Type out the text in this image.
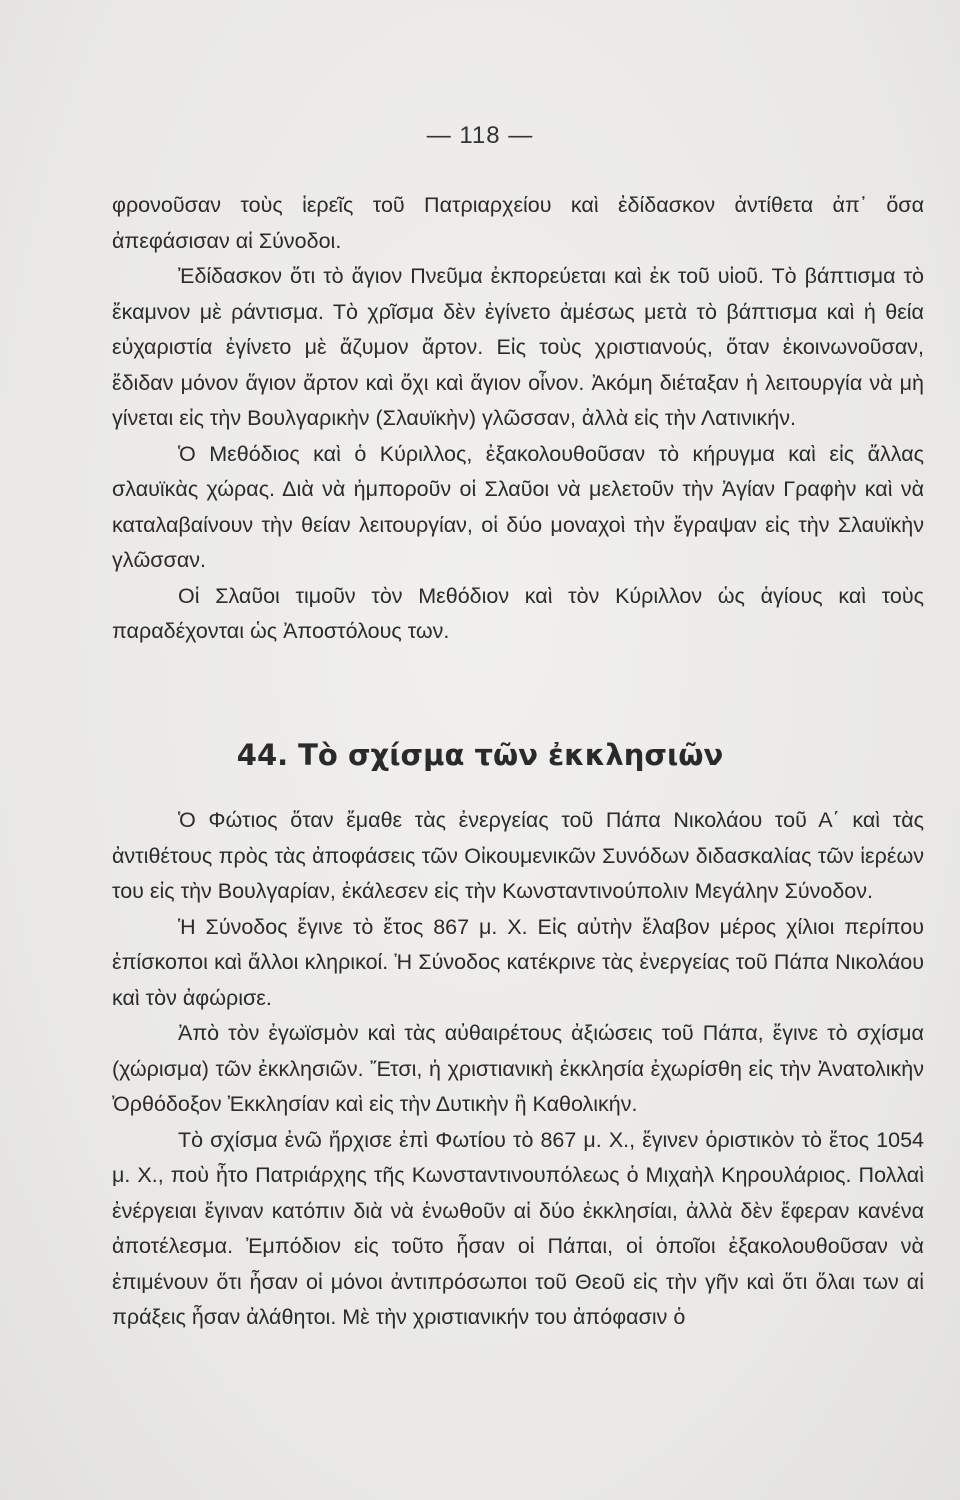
— 118 —

φρονοῦσαν τοὺς ἱερεῖς τοῦ Πατριαρχείου καὶ ἐδίδασκον ἀντίθετα ἀπ᾽ ὅσα ἀπεφάσισαν αἱ Σύνοδοι.

Ἐδίδασκον ὅτι τὸ ἅγιον Πνεῦμα ἐκπορεύεται καὶ ἐκ τοῦ υἱοῦ. Τὸ βάπτισμα τὸ ἔκαμνον μὲ ράντισμα. Τὸ χρῖσμα δὲν ἐγίνετο ἀμέσως μετὰ τὸ βάπτισμα καὶ ἡ θεία εὐχαριστία ἐγίνετο μὲ ἄζυμον ἄρτον. Εἰς τοὺς χριστιανούς, ὅταν ἐκοινωνοῦσαν, ἔδιδαν μόνον ἅγιον ἄρτον καὶ ὄχι καὶ ἅγιον οἶνον. Ἀκόμη διέταξαν ἡ λειτουργία νὰ μὴ γίνεται εἰς τὴν Βουλγαρικὴν (Σλαυϊκὴν) γλῶσσαν, ἀλλὰ εἰς τὴν Λατινικήν.

Ὁ Μεθόδιος καὶ ὁ Κύριλλος, ἐξακολουθοῦσαν τὸ κήρυγμα καὶ εἰς ἄλλας σλαυϊκὰς χώρας. Διὰ νὰ ἠμποροῦν οἱ Σλαῦοι νὰ μελετοῦν τὴν Ἁγίαν Γραφὴν καὶ νὰ καταλαβαίνουν τὴν θείαν λειτουργίαν, οἱ δύο μοναχοὶ τὴν ἔγραψαν εἰς τὴν Σλαυϊκὴν γλῶσσαν.

Οἱ Σλαῦοι τιμοῦν τὸν Μεθόδιον καὶ τὸν Κύριλλον ὡς ἁγίους καὶ τοὺς παραδέχονται ὡς Ἀποστόλους των.

44. Τὸ σχίσμα τῶν ἐκκλησιῶν

Ὁ Φώτιος ὅταν ἔμαθε τὰς ἐνεργείας τοῦ Πάπα Νικολάου τοῦ Α΄ καὶ τὰς ἀντιθέτους πρὸς τὰς ἀποφάσεις τῶν Οἰκουμενικῶν Συνόδων διδασκαλίας τῶν ἱερέων του εἰς τὴν Βουλγαρίαν, ἐκάλεσεν εἰς τὴν Κωνσταντινούπολιν Μεγάλην Σύνοδον.

Ἡ Σύνοδος ἔγινε τὸ ἔτος 867 μ. Χ. Εἰς αὐτὴν ἔλαβον μέρος χίλιοι περίπου ἐπίσκοποι καὶ ἄλλοι κληρικοί. Ἡ Σύνοδος κατέκρινε τὰς ἐνεργείας τοῦ Πάπα Νικολάου καὶ τὸν ἀφώρισε.

Ἀπὸ τὸν ἐγωϊσμὸν καὶ τὰς αὐθαιρέτους ἀξιώσεις τοῦ Πάπα, ἔγινε τὸ σχίσμα (χώρισμα) τῶν ἐκκλησιῶν. Ἔτσι, ἡ χριστιανικὴ ἐκκλησία ἐχωρίσθη εἰς τὴν Ἀνατολικὴν Ὀρθόδοξον Ἐκκλησίαν καὶ εἰς τὴν Δυτικὴν ἢ Καθολικήν.

Τὸ σχίσμα ἐνῶ ἤρχισε ἐπὶ Φωτίου τὸ 867 μ. Χ., ἔγινεν ὁριστικὸν τὸ ἔτος 1054 μ. Χ., ποὺ ἦτο Πατριάρχης τῆς Κωνσταντινουπόλεως ὁ Μιχαὴλ Κηρουλάριος. Πολλαὶ ἐνέργειαι ἔγιναν κατόπιν διὰ νὰ ἑνωθοῦν αἱ δύο ἐκκλησίαι, ἀλλὰ δὲν ἔφεραν κανένα ἀποτέλεσμα. Ἐμπόδιον εἰς τοῦτο ἦσαν οἱ Πάπαι, οἱ ὁποῖοι ἐξακολουθοῦσαν νὰ ἐπιμένουν ὅτι ἦσαν οἱ μόνοι ἀντιπρόσωποι τοῦ Θεοῦ εἰς τὴν γῆν καὶ ὅτι ὅλαι των αἱ πράξεις ἦσαν ἀλάθητοι. Μὲ τὴν χριστιανικήν του ἀπόφασιν ὁ
